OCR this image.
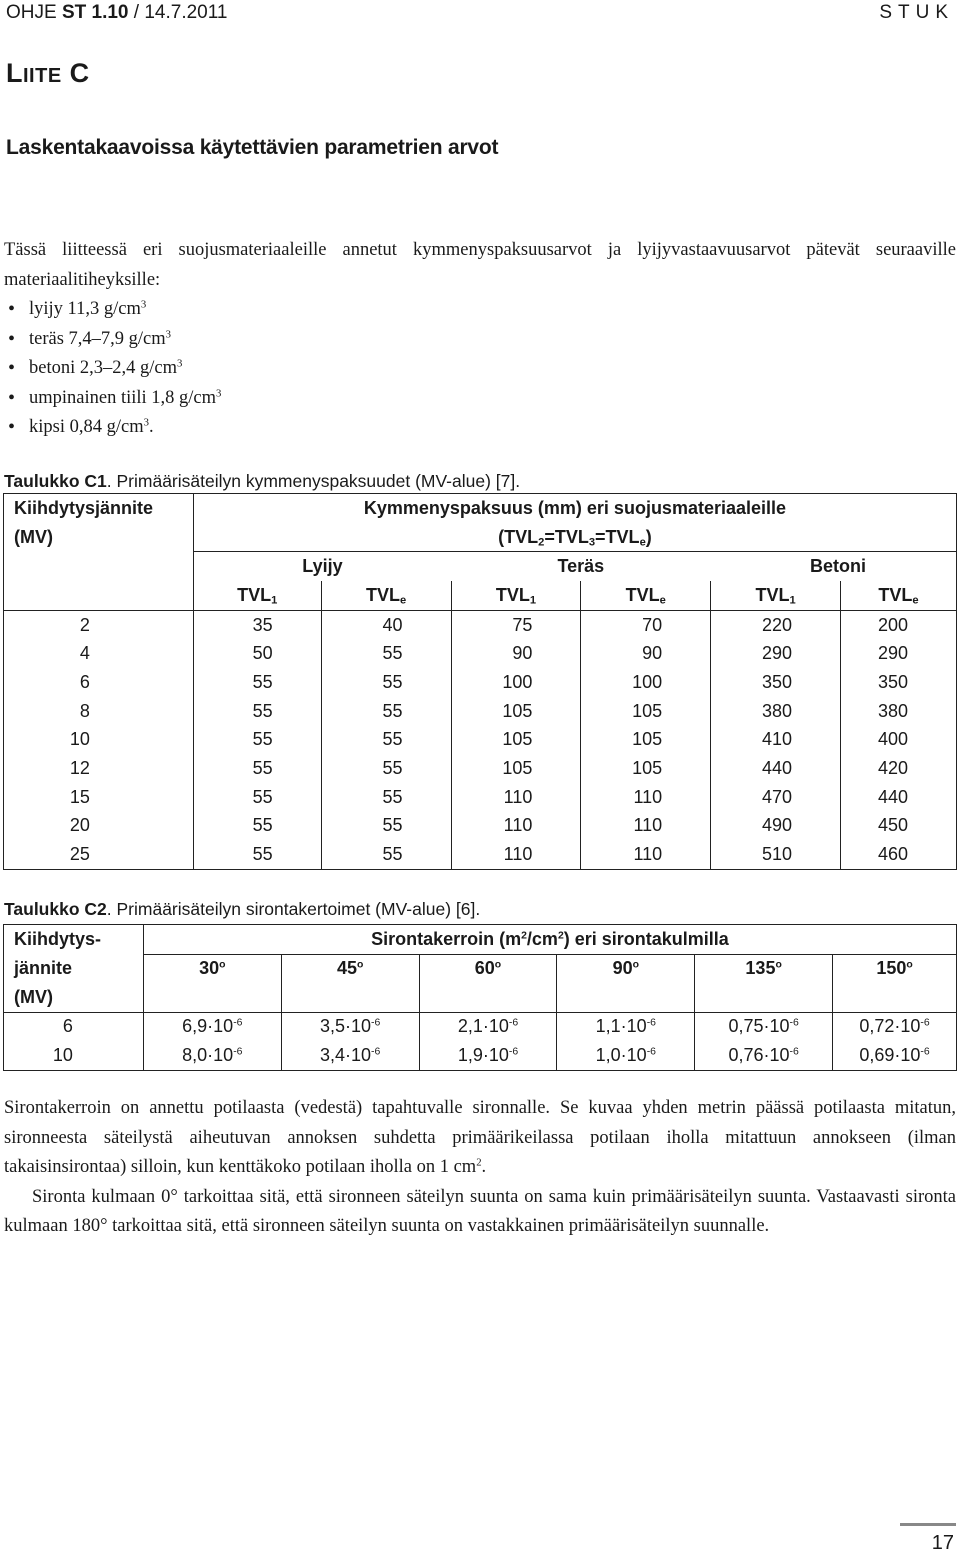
OHJE ST 1.10 / 14.7.2011	STUK
LIITE C
Laskentakaavoissa käytettävien parametrien arvot

Tässä liitteessä eri suojusmateriaaleille annetut kymmenyspaksuusarvot ja lyijyvastaavuusarvot pätevät seuraaville materiaalitiheyksille:

• lyijy 11,3 $g/cm^3$
• teräs 7,4–7,9 $g/cm^3$
• betoni 2,3–2,4 $g/cm^3$
• umpinainen tiili 1,8 $g/cm^3$
• kipsi 0,84 $g/cm^3$.
Taulukko C1. Primäärisäteilyn kymmenyspaksuudet (MV-alue) [7].
Kiihdytysjännite	Kymmenyspaksuus (mm) eri suojusmateriaaleille					
(MV)	$(TVL_2=TVL_3=TVL_e)$					
	Lyijy		Teräs		Betoni	
	$TVL_1$	$TVL_e$	$TVL_1$	$TVL_e$	$TVL_1$	$TVL_e$
2	35	40	75	70	220	200
4	50	55	90	90	290	290
6	55	55	100	100	350	350
8	55	55	105	105	380	380
10	55	55	105	105	410	400
12	55	55	105	105	440	420
15	55	55	110	110	470	440
20	55	55	110	110	490	450
25	55	55	110	110	510	460
Taulukko C2. Primäärisäteilyn sirontakertoimet (MV-alue) [6].
Kiihdytys-	Sirontakerroin $(m^2/cm^2)$ eri sirontakulmilla					
jännite	30$^o$	45$^o$	60$^o$	90$^o$	135$^o$	150$^o$
(MV)						
6	$6,9\cdot 10^{-6}$	$3,5\cdot 10^{-6}$	$2,1\cdot 10^{-6}$	$1,1\cdot 10^{-6}$	$0,75\cdot 10^{-6}$	$0,72\cdot 10^{-6}$
10	$8,0\cdot 10^{-6}$	$3,4\cdot 10^{-6}$	$1,9\cdot 10^{-6}$	$1,0\cdot 10^{-6}$	$0,76\cdot 10^{-6}$	$0,69\cdot 10^{-6}$

Sirontakerroin on annettu potilaasta (vedestä) tapahtuvalle sironnalle. Se kuvaa yhden metrin päässä potilaasta mitatun, sironneesta säteilystä aiheutuvan annoksen suhdetta primäärikeilassa potilaan iholla mitattuun annokseen (ilman takaisinsirontaa) silloin, kun kenttäkoko potilaan iholla on 1 $cm^2$.

Sironta kulmaan 0° tarkoittaa sitä, että sironneen säteilyn suunta on sama kuin primäärisäteilyn suunta. Vastaavasti sironta kulmaan 180° tarkoittaa sitä, että sironneen säteilyn suunta on vastakkainen primäärisäteilyn suunnalle.

17
